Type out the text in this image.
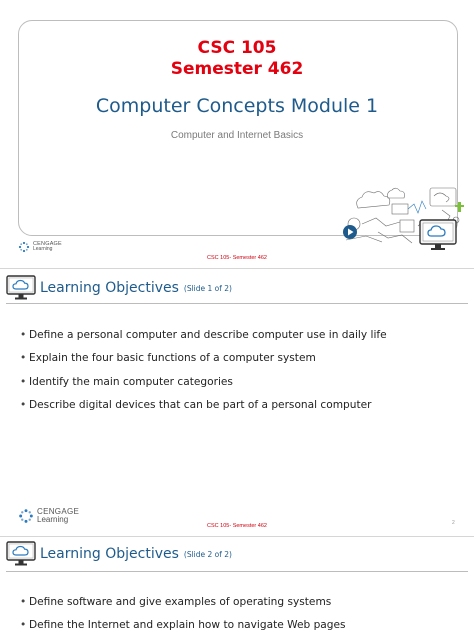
CSC 105
Semester 462
Computer Concepts Module 1
Computer and Internet Basics
CENGAGE
Learning
CSC 105- Semester 462
Learning Objectives (Slide 1 of 2)
• Define a personal computer and describe computer use in daily life
• Explain the four basic functions of a computer system
• Identify the main computer categories
• Describe digital devices that can be part of a personal computer
CENGAGE
Learning
CSC 105- Semester 462	2
Learning Objectives (Slide 2 of 2)
• Define software and give examples of operating systems
• Define the Internet and explain how to navigate Web pages
